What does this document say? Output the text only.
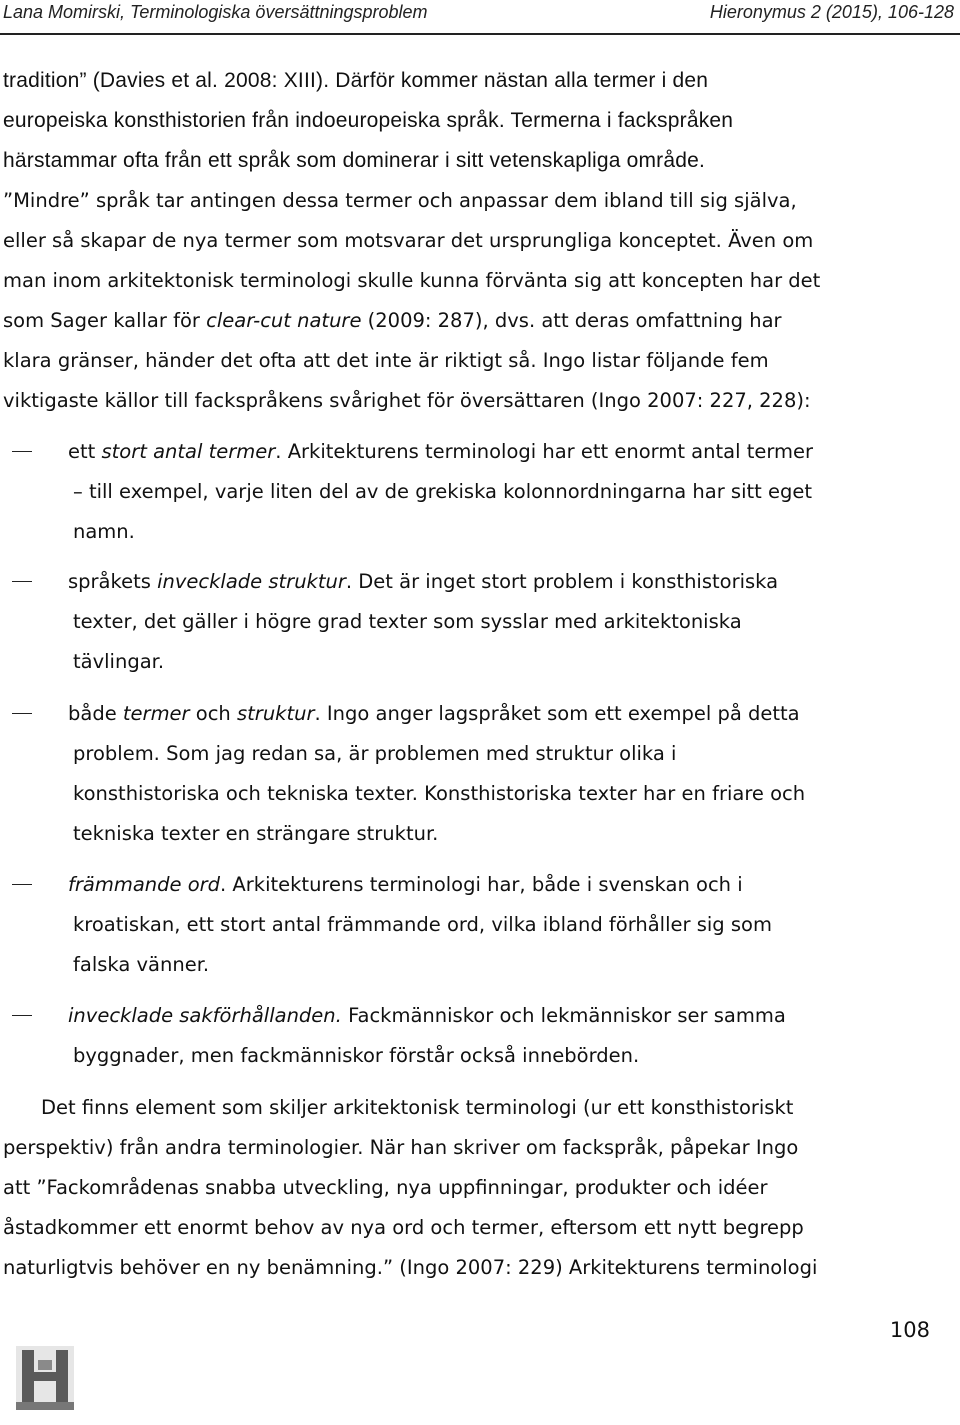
Lana Momirski, Terminologiska översättningsproblem	Hieronymus 2 (2015), 106-128
tradition” (Davies et al. 2008: XIII). Därför kommer nästan alla termer i den
europeiska konsthistorien från indoeuropeiska språk. Termerna i fackspråken
härstammar ofta från ett språk som dominerar i sitt vetenskapliga område.
”Mindre” språk tar antingen dessa termer och anpassar dem ibland till sig själva,
eller så skapar de nya termer som motsvarar det ursprungliga konceptet. Även om
man inom arkitektonisk terminologi skulle kunna förvänta sig att koncepten har det
som Sager kallar för clear-cut nature (2009: 287), dvs. att deras omfattning har
klara gränser, händer det ofta att det inte är riktigt så. Ingo listar följande fem
viktigaste källor till fackspråkens svårighet för översättaren (Ingo 2007: 227, 228):
ett stort antal termer. Arkitekturens terminologi har ett enormt antal termer
– till exempel, varje liten del av de grekiska kolonnordningarna har sitt eget
namn.
språkets invecklade struktur. Det är inget stort problem i konsthistoriska
texter, det gäller i högre grad texter som sysslar med arkitektoniska
tävlingar.
både termer och struktur. Ingo anger lagspråket som ett exempel på detta
problem. Som jag redan sa, är problemen med struktur olika i
konsthistoriska och tekniska texter. Konsthistoriska texter har en friare och
tekniska texter en strängare struktur.
främmande ord. Arkitekturens terminologi har, både i svenskan och i
kroatiskan, ett stort antal främmande ord, vilka ibland förhåller sig som
falska vänner.
invecklade sakförhållanden. Fackmänniskor och lekmänniskor ser samma
byggnader, men fackmänniskor förstår också innebörden.
Det finns element som skiljer arkitektonisk terminologi (ur ett konsthistoriskt
perspektiv) från andra terminologier. När han skriver om fackspråk, påpekar Ingo
att ”Fackområdenas snabba utveckling, nya uppfinningar, produkter och idéer
åstadkommer ett enormt behov av nya ord och termer, eftersom ett nytt begrepp
naturligtvis behöver en ny benämning.” (Ingo 2007: 229) Arkitekturens terminologi
108
